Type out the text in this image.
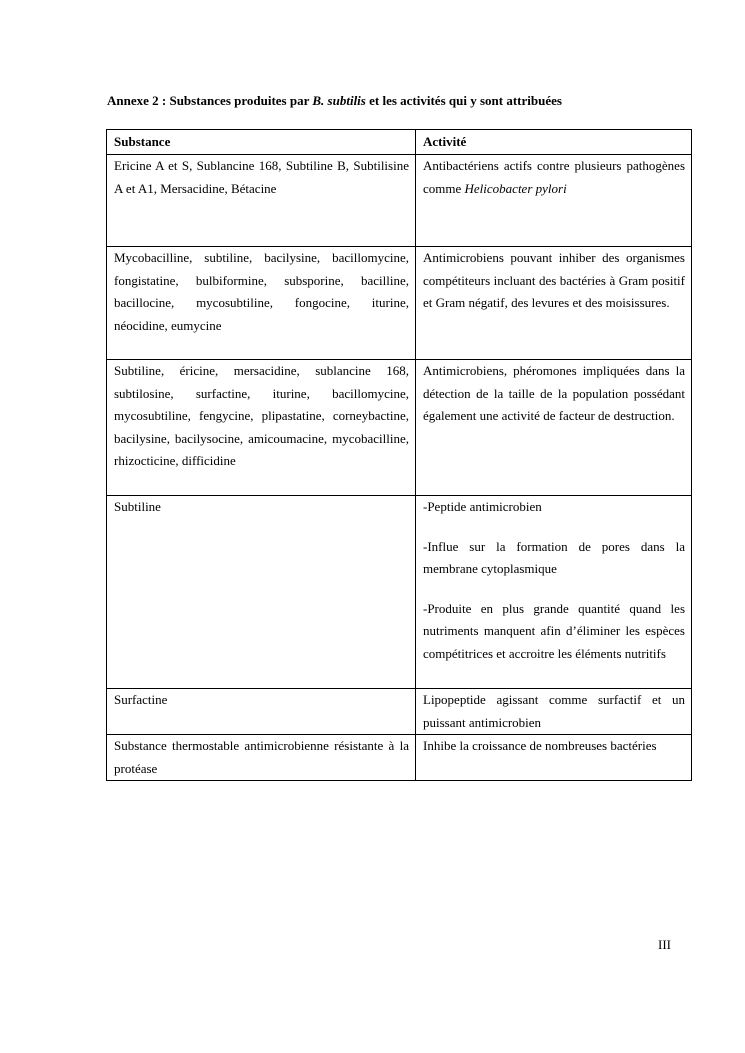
Annexe 2 : Substances produites par B. subtilis et les activités qui y sont attribuées
Substance	Activité
Ericine A et S, Sublancine 168, Subtiline B, Subtilisine A et A1, Mersacidine, Bétacine	Antibactériens actifs contre plusieurs pathogènes comme Helicobacter pylori
Mycobacilline, subtiline, bacilysine, bacillomycine, fongistatine, bulbiformine, subsporine, bacilline, bacillocine, mycosubtiline, fongocine, iturine, néocidine, eumycine	Antimicrobiens pouvant inhiber des organismes compétiteurs incluant des bactéries à Gram positif et Gram négatif, des levures et des moisissures.
Subtiline, éricine, mersacidine, sublancine 168, subtilosine, surfactine, iturine, bacillomycine, mycosubtiline, fengycine, plipastatine, corneybactine, bacilysine, bacilysocine, amicoumacine, mycobacilline, rhizocticine, difficidine	Antimicrobiens, phéromones impliquées dans la détection de la taille de la population possédant également une activité de facteur de destruction.
Subtiline	-Peptide antimicrobien

-Influe sur la formation de pores dans la membrane cytoplasmique

-Produite en plus grande quantité quand les nutriments manquent afin d’éliminer les espèces compétitrices et accroitre les éléments nutritifs

Surfactine	Lipopeptide agissant comme surfactif et un puissant antimicrobien
Substance thermostable antimicrobienne résistante à la protéase	Inhibe la croissance de nombreuses bactéries
III
